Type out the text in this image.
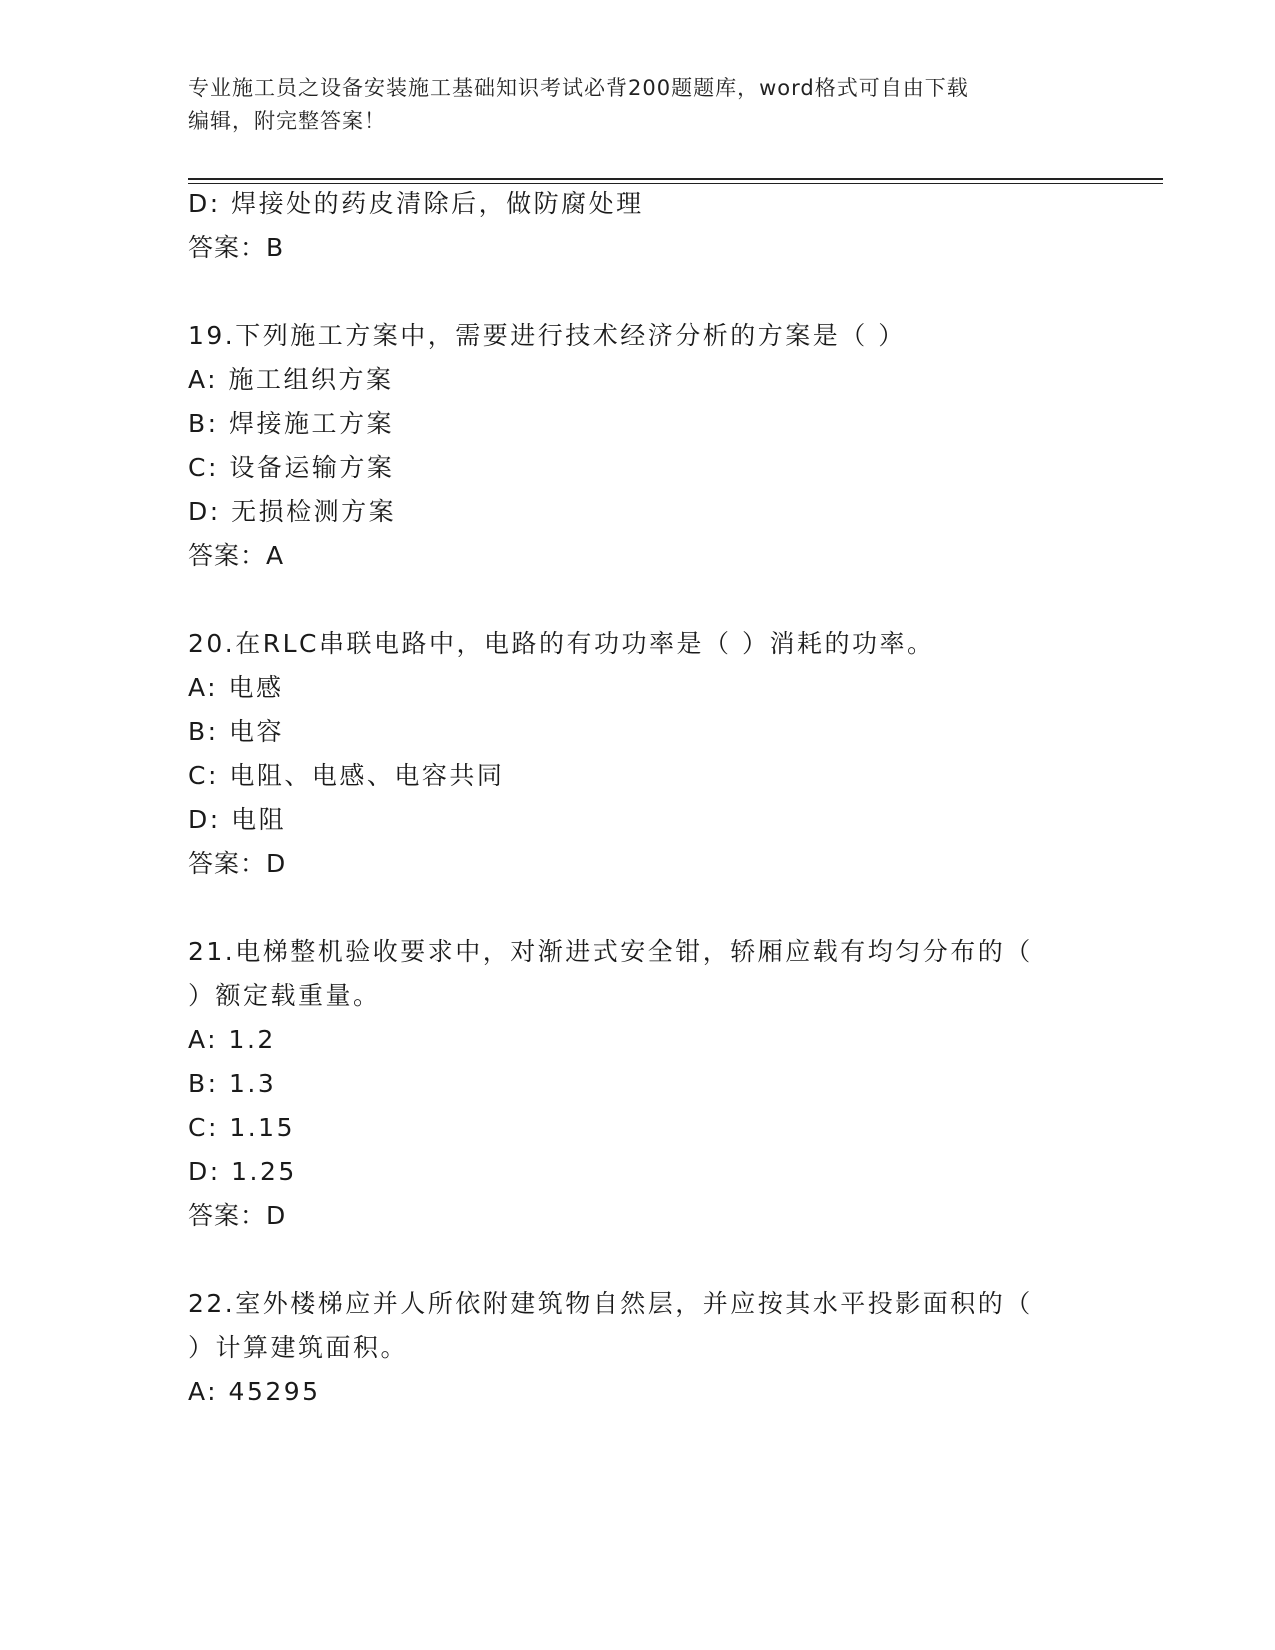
专业施工员之设备安装施工基础知识考试必背200题题库，word格式可自由下载
编辑，附完整答案！
D: 焊接处的药皮清除后，做防腐处理
答案：B
19.下列施工方案中，需要进行技术经济分析的方案是（ ）
A: 施工组织方案
B: 焊接施工方案
C: 设备运输方案
D: 无损检测方案
答案：A
20.在RLC串联电路中，电路的有功功率是（ ）消耗的功率。
A: 电感
B: 电容
C: 电阻、电感、电容共同
D: 电阻
答案：D
21.电梯整机验收要求中，对渐进式安全钳，轿厢应载有均匀分布的（
）额定载重量。
A: 1.2
B: 1.3
C: 1.15
D: 1.25
答案：D
22.室外楼梯应并人所依附建筑物自然层，并应按其水平投影面积的（
）计算建筑面积。
A: 45295
